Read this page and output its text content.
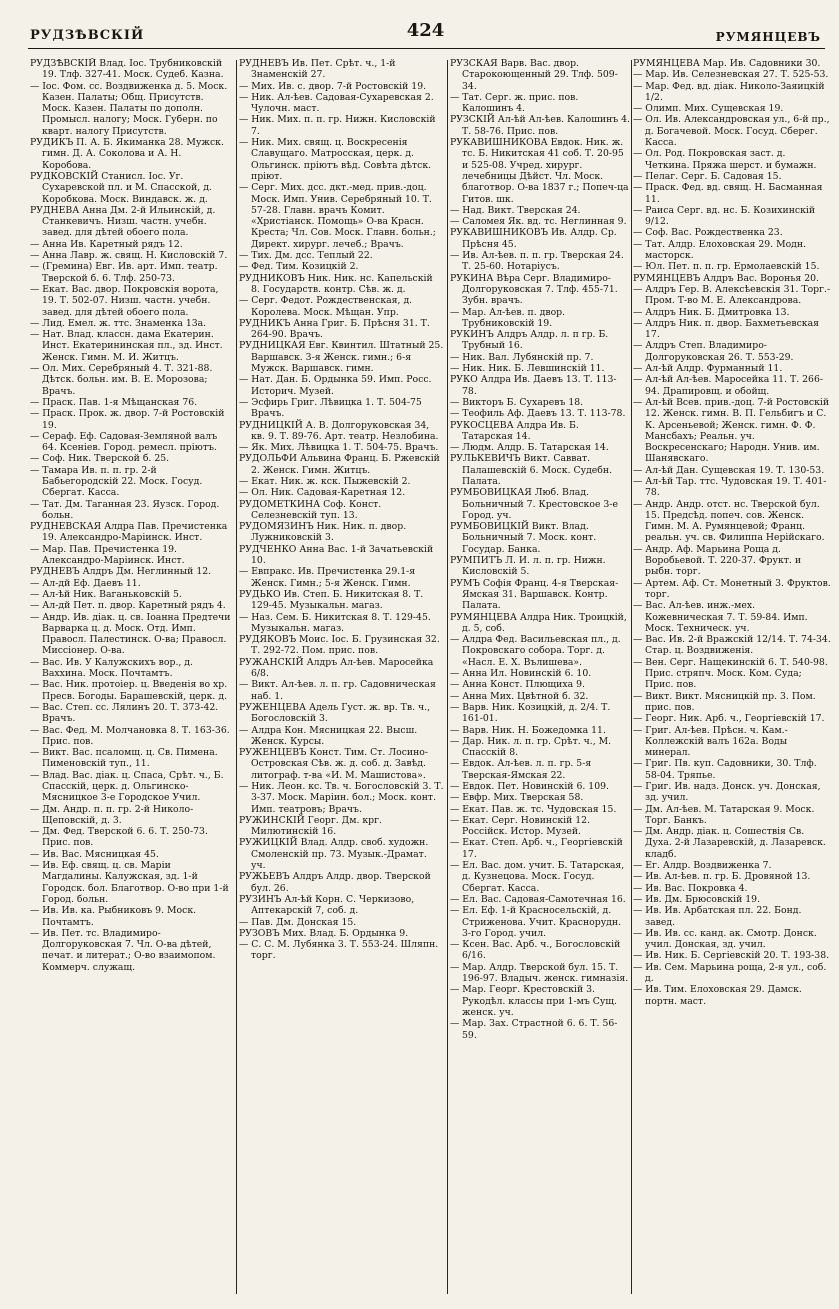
РУДЗѢВСКІЙ	424	РУМЯНЦЕВЪ

РУДЗѢВСКІЙ Влад. Іос. Трубниковскій 19. Тлф. 327-41. Моск. Судеб. Казна.

— Іос. Фом. сс. Воздвиженка д. 5. Моск. Казен. Палаты; Общ. Присутств. Моск. Казен. Палаты по дополн. Промысл. налогу; Моск. Губерн. по кварт. налогу Присутств.

РУДИКЪ П. А. Б. Якиманка 28. Мужск. гимн. Д. А. Соколова и А. Н. Коробова.

РУДКОВСКІЙ Станисл. Іос. Уг. Сухаревской пл. и М. Спасской, д. Коробкова. Моск. Виндавск. ж. д.

РУДНЕВА Анна Дм. 2-й Ильинскій, д. Станкевичъ. Низш. частн. учебн. завед. для дѣтей обоего пола.

— Анна Ив. Каретный рядъ 12.

— Анна Лавр. ж. свящ. Н. Кисловскій 7.

— (Гремина) Евг. Ив. арт. Имп. театр. Тверской б. 6. Тлф. 250-73.

— Екат. Вас. двор. Покровскія ворота, 19. Т. 502-07. Низш. частн. учебн. завед. для дѣтей обоего пола.

— Лид. Емел. ж. ттс. Знаменка 13а.

— Нат. Влад. классн. дама Екатерин. Инст. Екатерининская пл., зд. Инст. Женск. Гимн. М. И. Житцъ.

— Ол. Мих. Серебряный 4. Т. 321-88. Дѣтск. больн. им. В. Е. Морозова; Врачъ.

— Праск. Пав. 1-я Мѣщанская 76.

— Праск. Прок. ж. двор. 7-й Ростовскій 19.

— Сераф. Еф. Садовая-Земляной валъ 64. Ксеніев. Город. ремесл. пріютъ.

— Соф. Ник. Тверской б. 25.

— Тамара Ив. п. п. гр. 2-й Бабьегородскій 22. Моск. Госуд. Сбергат. Касса.

— Тат. Дм. Таганная 23. Яузск. Город. больн.

РУДНЕВСКАЯ Алдра Пав. Пречистенка 19. Александро-Маріинск. Инст.

— Мар. Пав. Пречистенка 19. Александро-Маріинск. Инст.

РУДНЕВЪ Алдръ Дм. Неглинный 12.

— Ал-дй Еф. Даевъ 11.

— Ал-ѣй Ник. Ваганьковскій 5.

— Ал-дй Пет. п. двор. Каретный рядъ 4.

— Андр. Ив. діак. ц. св. Іоанна Предтечи Варварка ц. д. Моск. Отд. Имп. Правосл. Палестинск. О-ва; Правосл. Миссіонер. О-ва.

— Вас. Ив. У Калужскихъ вор., д. Ваххина. Моск. Почтамтъ.

— Вас. Ник. протоіер. ц. Введенія во хр. Пресв. Богоды. Барашевскій, церк. д.

— Вас. Степ. сс. Лялинъ 20. Т. 373-42. Врачъ.

— Вас. Фед. М. Молчановка 8. Т. 163-36. Прис. пов.

— Викт. Вас. псаломщ. ц. Св. Пимена. Пименовскій туп., 11.

— Влад. Вас. діак. ц. Спаса, Срѣт. ч., Б. Спасскій, церк. д. Ольгинско-Мясницкое 3-е Городское Учил.

— Дм. Андр. п. п. гр. 2-й Николо-Щеповскій, д. 3.

— Дм. Фед. Тверской 6. 6. Т. 250-73. Прис. пов.

— Ив. Вас. Мясницкая 45.

— Ив. Еф. свящ. ц. св. Маріи Магдалины. Калужская, зд. 1-й Городск. бол. Благотвор. О-во при 1-й Город. больн.

— Ив. Ив. ка. Рыбниковъ 9. Моск. Почтамтъ.

— Ив. Пет. тс. Владимиро-Долгоруковская 7. Чл. О-ва дѣтей, печат. и литерат.; О-во взаимопом. Коммерч. служащ.

РУДНЕВЪ Ив. Пет. Срѣт. ч., 1-й Знаменскій 27.

— Мих. Ив. с. двор. 7-й Ростовскій 19.

— Ник. Ал-ѣев. Садовая-Сухаревская 2. Чулочн. маст.

— Ник. Мих. п. п. гр. Нижн. Кисловскій 7.

— Ник. Мих. свящ. ц. Воскресенія Славущаго. Матросская, церк. д. Ольгинск. пріютъ вѣд. Совѣта дѣтск. пріют.

— Серг. Мих. дсс. дкт.-мед. прив.-доц. Моск. Имп. Унив. Серебряный 10. Т. 57-28. Главн. врачъ Комит. «Христіанск. Помощь» О-ва Красн. Креста; Чл. Сов. Моск. Главн. больн.; Директ. хирург. лечеб.; Врачъ.

— Тих. Дм. дсс. Теплый 22.

— Фед. Тим. Козицкій 2.

РУДНИКОВЪ Ник. Ник. нс. Капельскій 8. Государств. контр. Сѣв. ж. д.

— Серг. Федот. Рождественская, д. Королева. Моск. Мѣщан. Упр.

РУДНИКЪ Анна Григ. Б. Прѣсня 31. Т. 264-90. Врачъ.

РУДНИЦКАЯ Евг. Квинтил. Штатный 25. Варшавск. 3-я Женск. гимн.; 6-я Мужск. Варшавск. гимн.

— Нат. Дан. Б. Ордынка 59. Имп. Росс. Историч. Музей.

— Эсфирь Григ. Лѣвицка 1. Т. 504-75 Врачъ.

РУДНИЦКІЙ А. В. Долгоруковская 34, кв. 9. Т. 89-76. Арт. театр. Незлобина.

— Як. Мих. Лѣвицка 1. Т. 504-75. Врачъ.

РУДОЛЬФИ Альвина Франц. Б. Ржевскій 2. Женск. Гимн. Житцъ.

— Екат. Ник. ж. кск. Пыжевскій 2.

— Ол. Ник. Садовая-Каретная 12.

РУДОМЕТКИНА Соф. Конст. Селезневскій туп. 13.

РУДОМЯЗИНЪ Ник. Ник. п. двор. Лужниковскій 3.

РУДЧЕНКО Анна Вас. 1-й Зачатьевскій 10.

— Евпракс. Ив. Пречистенка 29.1-я Женск. Гимн.; 5-я Женск. Гимн.

РУДЬКО Ив. Степ. Б. Никитская 8. Т. 129-45. Музыкальн. магаз.

— Наз. Сем. Б. Никитская 8. Т. 129-45. Музыкальн. магаз.

РУДЯКОВЪ Моис. Іос. Б. Грузинская 32. Т. 292-72. Пом. прис. пов.

РУЖАНСКІЙ Алдръ Ал-ѣев. Маросейка 6/8.

— Викт. Ал-ѣев. л. п. гр. Садовническая наб. 1.

РУЖЕНЦЕВА Адель Густ. ж. вр. Тв. ч., Богословскій 3.

— Алдра Кон. Мясницкая 22. Высш. Женск. Курсы.

РУЖЕНЦЕВЪ Конст. Тим. Ст. Лосино-Островская Сѣв. ж. д. соб. д. Завѣд. литограф. т-ва «И. М. Машистова».

— Ник. Леон. кс. Тв. ч. Богословскій 3. Т. 3-37. Моск. Маріин. бол.; Моск. конт. Имп. театровъ; Врачъ.

РУЖИНСКІЙ Георг. Дм. крг. Милютинскій 16.

РУЖИЦКІЙ Влад. Алдр. своб. художн. Смоленскій пр. 73. Музык.-Драмат. уч.

РУЖЬЕВЪ Алдръ Алдр. двор. Тверской бул. 26.

РУЗИНЪ Ал-ѣй Корн. С. Черкизово, Аптекарскій 7, соб. д.

— Пав. Дм. Донская 15.

РУЗОВЪ Мих. Влад. Б. Ордынка 9.

— С. С. М. Лубянка 3. Т. 553-24. Шляпн. торг.

РУЗСКАЯ Варв. Вас. двор. Старокоющенный 29. Тлф. 509-34.

— Тат. Серг. ж. прис. пов. Калошинъ 4.

РУЗСКІЙ Ал-ѣй Ал-ѣев. Калошинъ 4. Т. 58-76. Прис. пов.

РУКАВИШНИКОВА Евдок. Ник. ж. тс. Б. Никитская 41 соб. Т. 20-95 и 525-08. Учред. хирург. лечебницы Дѣйст. Чл. Моск. благотвор. О-ва 1837 г.; Попеч-ца Гитов. шк.

— Над. Викт. Тверская 24.

— Саломея Як. вд. тс. Неглинная 9.

РУКАВИШНИКОВЪ Ив. Алдр. Ср. Прѣсня 45.

— Ив. Ал-ѣев. п. п. гр. Тверская 24. Т. 25-60. Нотаріусъ.

РУКИНА Вѣра Серг. Владимиро-Долгоруковская 7. Тлф. 455-71. Зубн. врачъ.

— Мар. Ал-ѣев. п. двор. Трубниковскій 19.

РУКИНЪ Алдръ Алдр. л. п гр. Б. Трубный 16.

— Ник. Вал. Лубянскій пр. 7.

— Ник. Ник. Б. Левшинскій 11.

РУКО Алдра Ив. Даевъ 13. Т. 113-78.

— Викторъ Б. Сухаревъ 18.

— Теофиль Аф. Даевъ 13. Т. 113-78.

РУКОСЦЕВА Алдра Ив. Б. Татарская 14.

— Людм. Алдр. Б. Татарская 14.

РУЛЬКЕВИЧЪ Викт. Савват. Палашевскій 6. Моск. Судебн. Палата.

РУМБОВИЦКАЯ Люб. Влад. Больничный 7. Крестовское 3-е Город. уч.

РУМБОВИЦКІЙ Викт. Влад. Больничный 7. Моск. конт. Государ. Банка.

РУМПИТЪ Л. И. л. п. гр. Нижн. Кисловскій 5.

РУМЪ Софія Франц. 4-я Тверская-Ямская 31. Варшавск. Контр. Палата.

РУМЯНЦЕВА Алдра Ник. Троицкій, д. 5, соб.

— Алдра Фед. Васильевская пл., д. Покровскаго собора. Торг. д. «Насл. Е. Х. Вълишева».

— Анна Ил. Новинскій 6. 10.

— Анна Конст. Плющиха 9.

— Анна Мих. Цвѣтной б. 32.

— Варв. Ник. Козицкій, д. 2/4. Т. 161-01.

— Варв. Ник. Н. Божедомка 11.

— Дар. Ник. л. п. гр. Срѣт. ч., М. Спасскій 8.

— Евдок. Ал-ѣев. л. п. гр. 5-я Тверская-Ямская 22.

— Евдок. Пет. Новинскій 6. 109.

— Евфр. Мих. Тверская 58.

— Екат. Пав. ж. тс. Чудовская 15.

— Екат. Серг. Новинскій 12. Россійск. Истор. Музей.

— Екат. Степ. Арб. ч., Георгіевскій 17.

— Ел. Вас. дом. учит. Б. Татарская, д. Кузнецова. Моск. Госуд. Сбергат. Касса.

— Ел. Вас. Садовая-Самотечная 16.

— Ел. Еф. 1-й Красносельскій, д. Стриженова. Учит. Краснорудн. 3-го Город. учил.

— Ксен. Вас. Арб. ч., Богословскій 6/16.

— Мар. Алдр. Тверской бул. 15. Т. 196-97. Владыч. женск. гимназія.

— Мар. Георг. Крестовскій 3. Рукодѣл. классы при 1-мъ Сущ. женск. уч.

— Мар. Зах. Страстной 6. 6. Т. 56-59.

РУМЯНЦЕВА Мар. Ив. Садовники 30.

— Мар. Ив. Селезневская 27. Т. 525-53.

— Мар. Фед. вд. діак. Николо-Заяицкій 1/2.

— Олимп. Мих. Сущевская 19.

— Ол. Ив. Александровская ул., 6-й пр., д. Богачевой. Моск. Госуд. Сберег. Касса.

— Ол. Род. Покровская заст. д. Четкина. Пряжа шерст. и бумажн.

— Пелаг. Серг. Б. Садовая 15.

— Праск. Фед. вд. свящ. Н. Басманная 11.

— Раиса Серг. вд. нс. Б. Козихинскій 9/12.

— Соф. Вас. Рождественка 23.

— Тат. Алдр. Елоховская 29. Модн. масторск.

— Юл. Пет. п. п. гр. Ермолаевскій 15.

РУМЯНЦЕВЪ Алдръ Вас. Воронья 20.

— Алдръ Гер. В. Алексѣевскія 31. Торг.-Пром. Т-во М. Е. Александрова.

— Алдръ Ник. Б. Дмитровка 13.

— Алдръ Ник. п. двор. Бахметьевская 17.

— Алдръ Степ. Владимиро-Долгоруковская 26. Т. 553-29.

— Ал-ѣй Алдр. Фурманный 11.

— Ал-ѣй Ал-ѣев. Маросейка 11. Т. 266-94. Драпировщ. и обойщ.

— Ал-ѣй Всев. прив.-доц. 7-й Ростовскій 12. Женск. гимн. В. П. Гельбигъ и С. К. Арсеньевой; Женск. гимн. Ф. Ф. Мансбахъ; Реальн. уч. Воскресенскаго; Народн. Унив. им. Шанявскаго.

— Ал-ѣй Дан. Сущевская 19. Т. 130-53.

— Ал-ѣй Тар. ттс. Чудовская 19. Т. 401-78.

— Андр. Андр. отст. нс. Тверской бул. 15. Предсѣд. попеч. сов. Женск. Гимн. М. А. Румянцевой; Франц. реальн. уч. св. Филиппа Нерійскаго.

— Андр. Аф. Марьина Роща д. Воробьевой. Т. 220-37. Фрукт. и рыбн. торг.

— Артем. Аф. Ст. Монетный 3. Фруктов. торг.

— Вас. Ал-ѣев. инж.-мех. Кожевническая 7. Т. 59-84. Имп. Моск. Техническ. уч.

— Вас. Ив. 2-й Вражскій 12/14. Т. 74-34. Стар. ц. Воздвиженія.

— Вен. Серг. Нащекинскій 6. Т. 540-98. Прис. стряпч. Моск. Ком. Суда; Прис. пов.

— Викт. Викт. Мясницкій пр. 3. Пом. прис. пов.

— Георг. Ник. Арб. ч., Георгіевскій 17.

— Григ. Ал-ѣев. Прѣсн. ч. Кам.-Коллежскій валъ 162а. Воды минерал.

— Григ. Пв. куп. Садовники, 30. Тлф. 58-04. Тряпье.

— Григ. Ив. надз. Донск. уч. Донская, зд. учил.

— Дм. Ал-ѣев. М. Татарская 9. Моск. Торг. Банкъ.

— Дм. Андр. діак. ц. Сошествія Св. Духа. 2-й Лазаревскій, д. Лазаревск. кладб.

— Ег. Алдр. Воздвиженка 7.

— Ив. Ал-ѣев. п. гр. Б. Дровяной 13.

— Ив. Вас. Покровка 4.

— Ив. Дм. Брюсовскій 19.

— Ив. Ив. Арбатская пл. 22. Бонд. завед.

— Ив. Ив. сс. канд. ак. Смотр. Донск. учил. Донская, зд. учил.

— Ив. Ник. Б. Сергіевскій 20. Т. 193-38.

— Ив. Сем. Марьина роща, 2-я ул., соб. д.

— Ив. Тим. Елоховская 29. Дамск. портн. маст.
